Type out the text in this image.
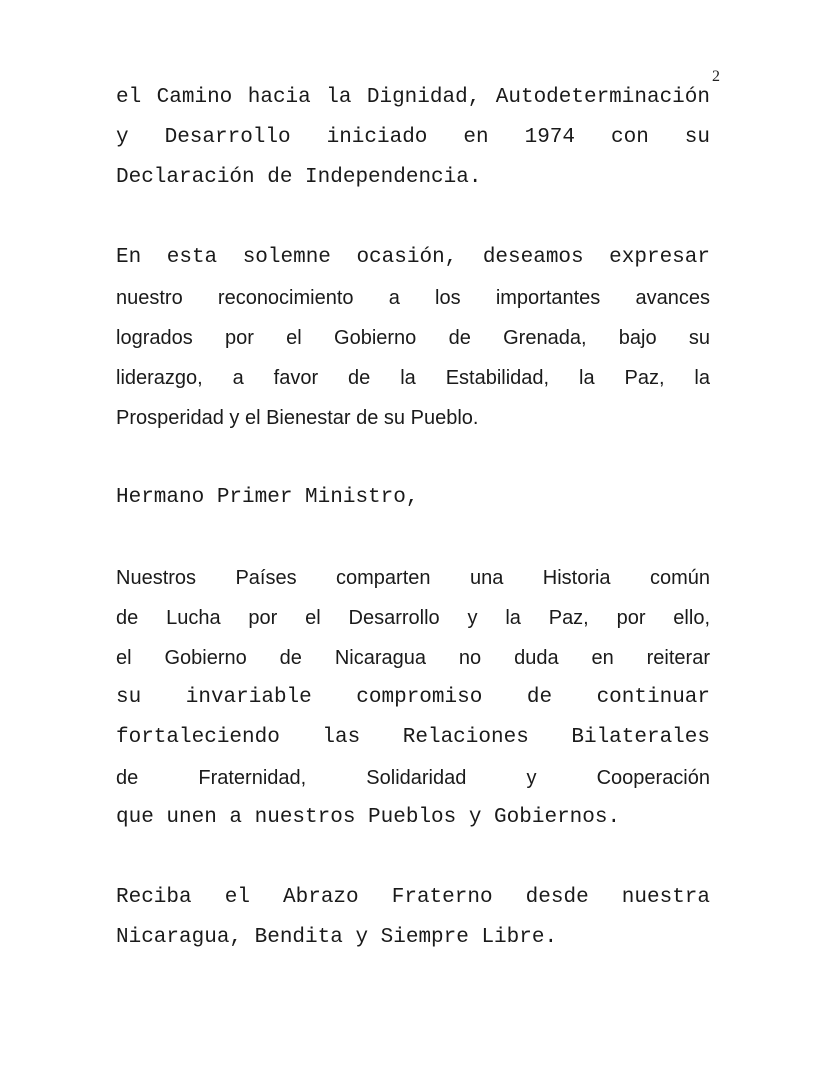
2
el Camino hacia la Dignidad, Autodeterminación
y Desarrollo iniciado en 1974 con su
Declaración de Independencia.
En esta solemne ocasión, deseamos expresar
nuestro reconocimiento a los importantes avances
logrados por el Gobierno de Grenada, bajo su
liderazgo, a favor de la Estabilidad, la Paz, la
Prosperidad y el Bienestar de su Pueblo.
Hermano Primer Ministro,
Nuestros Países comparten una Historia común
de Lucha por el Desarrollo y la Paz, por ello,
el Gobierno de Nicaragua no duda en reiterar
su invariable compromiso de continuar
fortaleciendo las Relaciones Bilaterales
de Fraternidad, Solidaridad y Cooperación
que unen a nuestros Pueblos y Gobiernos.
Reciba el Abrazo Fraterno desde nuestra
Nicaragua, Bendita y Siempre Libre.
